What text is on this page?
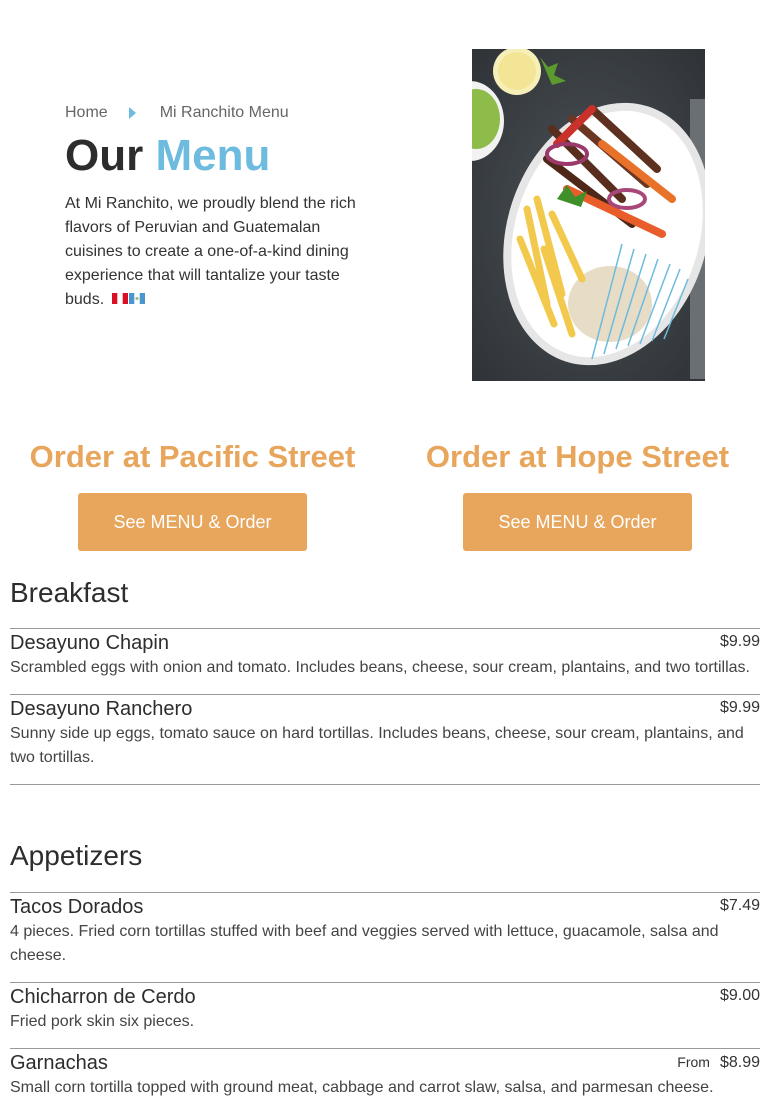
Home	Mi Ranchito Menu
Our Menu

At Mi Ranchito, we proudly blend the rich flavors of Peruvian and Guatemalan cuisines to create a one-of-a-kind dining experience that will tantalize your taste buds.

Order at Pacific Street
See MENU & Order
Order at Hope Street
See MENU & Order
Breakfast
Desayuno Chapin	$9.99
Scrambled eggs with onion and tomato. Includes beans, cheese, sour cream, plantains, and two tortillas.
Desayuno Ranchero	$9.99
Sunny side up eggs, tomato sauce on hard tortillas. Includes beans, cheese, sour cream, plantains, and two tortillas.
Appetizers
Tacos Dorados	$7.49
4 pieces. Fried corn tortillas stuffed with beef and veggies served with lettuce, guacamole, salsa and cheese.
Chicharron de Cerdo	$9.00
Fried pork skin six pieces.
Garnachas	From $8.99
Small corn tortilla topped with ground meat, cabbage and carrot slaw, salsa, and parmesan cheese.
